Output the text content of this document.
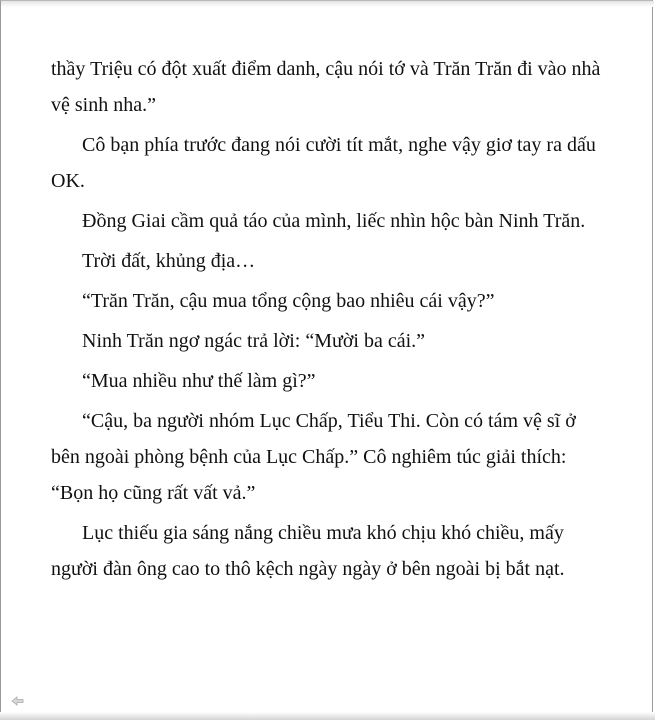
thầy Triệu có đột xuất điểm danh, cậu nói tớ và Trăn Trăn đi vào nhà
vệ sinh nha.”

Cô bạn phía trước đang nói cười tít mắt, nghe vậy giơ tay ra dấu
OK.

Đồng Giai cầm quả táo của mình, liếc nhìn hộc bàn Ninh Trăn.

Trời đất, khủng địa…

“Trăn Trăn, cậu mua tổng cộng bao nhiêu cái vậy?”

Ninh Trăn ngơ ngác trả lời: “Mười ba cái.”

“Mua nhiều như thế làm gì?”

“Cậu, ba người nhóm Lục Chấp, Tiểu Thi. Còn có tám vệ sĩ ở
bên ngoài phòng bệnh của Lục Chấp.” Cô nghiêm túc giải thích:
“Bọn họ cũng rất vất vả.”

Lục thiếu gia sáng nắng chiều mưa khó chịu khó chiều, mấy
người đàn ông cao to thô kệch ngày ngày ở bên ngoài bị bắt nạt.
